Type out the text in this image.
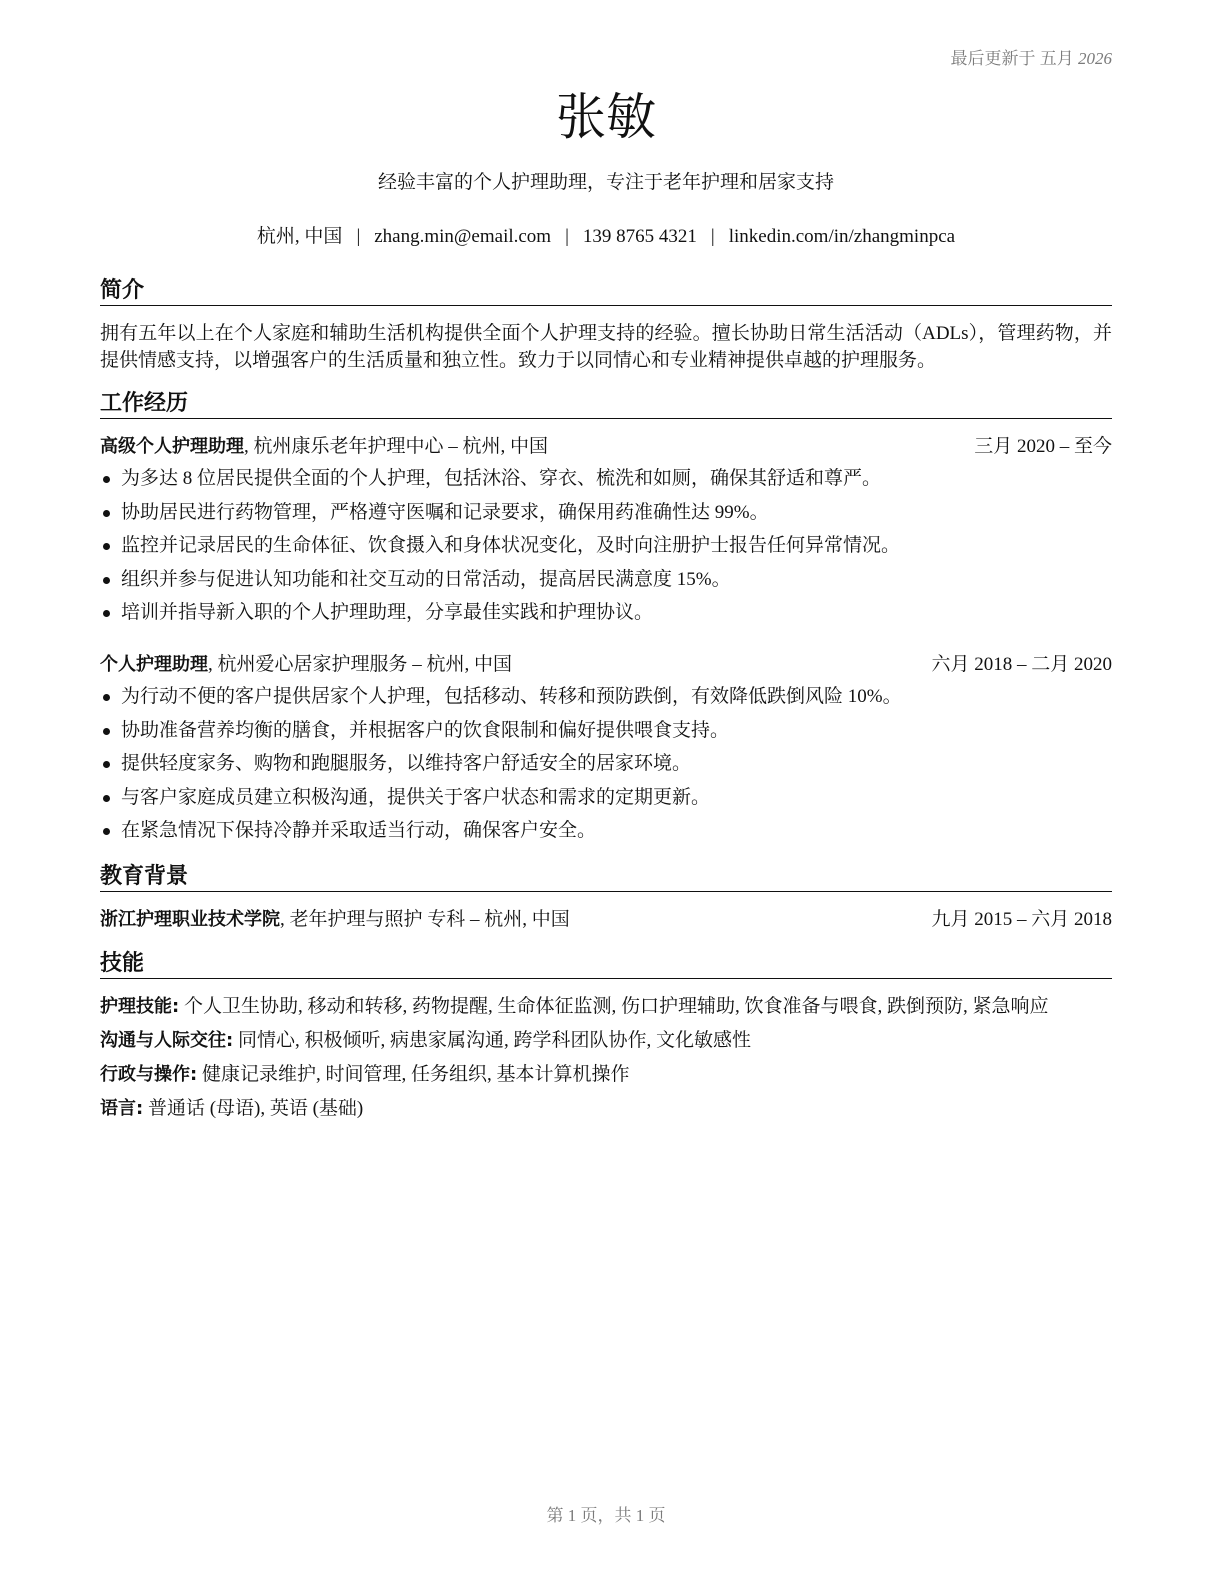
最后更新于 五月 2026
张敏
经验丰富的个人护理助理，专注于老年护理和居家支持
杭州, 中国 | zhang.min@email.com | 139 8765 4321 | linkedin.com/in/zhangminpca
简介
拥有五年以上在个人家庭和辅助生活机构提供全面个人护理支持的经验。擅长协助日常生活活动（ADLs），管理药物，并提供情感支持，以增强客户的生活质量和独立性。致力于以同情心和专业精神提供卓越的护理服务。
工作经历
高级个人护理助理, 杭州康乐老年护理中心 – 杭州, 中国	三月 2020 – 至今
为多达 8 位居民提供全面的个人护理，包括沐浴、穿衣、梳洗和如厕，确保其舒适和尊严。
协助居民进行药物管理，严格遵守医嘱和记录要求，确保用药准确性达 99%。
监控并记录居民的生命体征、饮食摄入和身体状况变化，及时向注册护士报告任何异常情况。
组织并参与促进认知功能和社交互动的日常活动，提高居民满意度 15%。
培训并指导新入职的个人护理助理，分享最佳实践和护理协议。
个人护理助理, 杭州爱心居家护理服务 – 杭州, 中国	六月 2018 – 二月 2020
为行动不便的客户提供居家个人护理，包括移动、转移和预防跌倒，有效降低跌倒风险 10%。
协助准备营养均衡的膳食，并根据客户的饮食限制和偏好提供喂食支持。
提供轻度家务、购物和跑腿服务，以维持客户舒适安全的居家环境。
与客户家庭成员建立积极沟通，提供关于客户状态和需求的定期更新。
在紧急情况下保持冷静并采取适当行动，确保客户安全。
教育背景
浙江护理职业技术学院, 老年护理与照护 专科 – 杭州, 中国	九月 2015 – 六月 2018
技能
护理技能: 个人卫生协助, 移动和转移, 药物提醒, 生命体征监测, 伤口护理辅助, 饮食准备与喂食, 跌倒预防, 紧急响应
沟通与人际交往: 同情心, 积极倾听, 病患家属沟通, 跨学科团队协作, 文化敏感性
行政与操作: 健康记录维护, 时间管理, 任务组织, 基本计算机操作
语言: 普通话 (母语), 英语 (基础)
第 1 页，共 1 页
